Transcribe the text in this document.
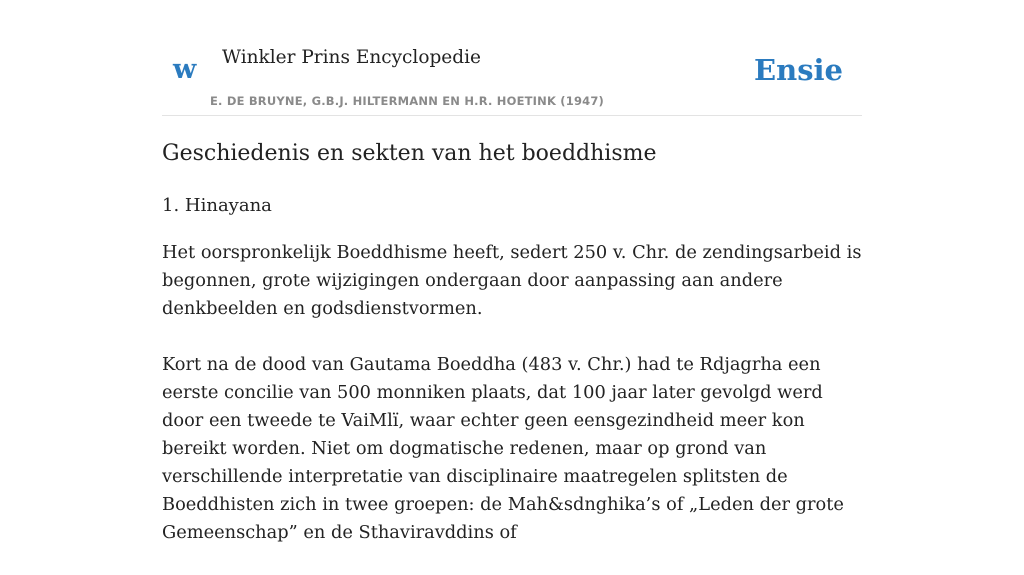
w Winkler Prins Encyclopedie
E. DE BRUYNE, G.B.J. HILTERMANN EN H.R. HOETINK (1947)
Ensie
Geschiedenis en sekten van het boeddhisme
1. Hinayana

Het oorspronkelijk Boeddhisme heeft, sedert 250 v. Chr. de zendingsarbeid is begonnen, grote wijzigingen ondergaan door aanpassing aan andere denkbeelden en godsdienstvormen.

Kort na de dood van Gautama Boeddha (483 v. Chr.) had te Rdjagrha een eerste concilie van 500 monniken plaats, dat 100 jaar later gevolgd werd door een tweede te VaiMlï, waar echter geen eensgezindheid meer kon bereikt worden. Niet om dogmatische redenen, maar op grond van verschillende interpretatie van disciplinaire maatregelen splitsten de Boeddhisten zich in twee groepen: de Mah&sdnghika’s of „Leden der grote Gemeenschap” en de Sthaviravddins of
